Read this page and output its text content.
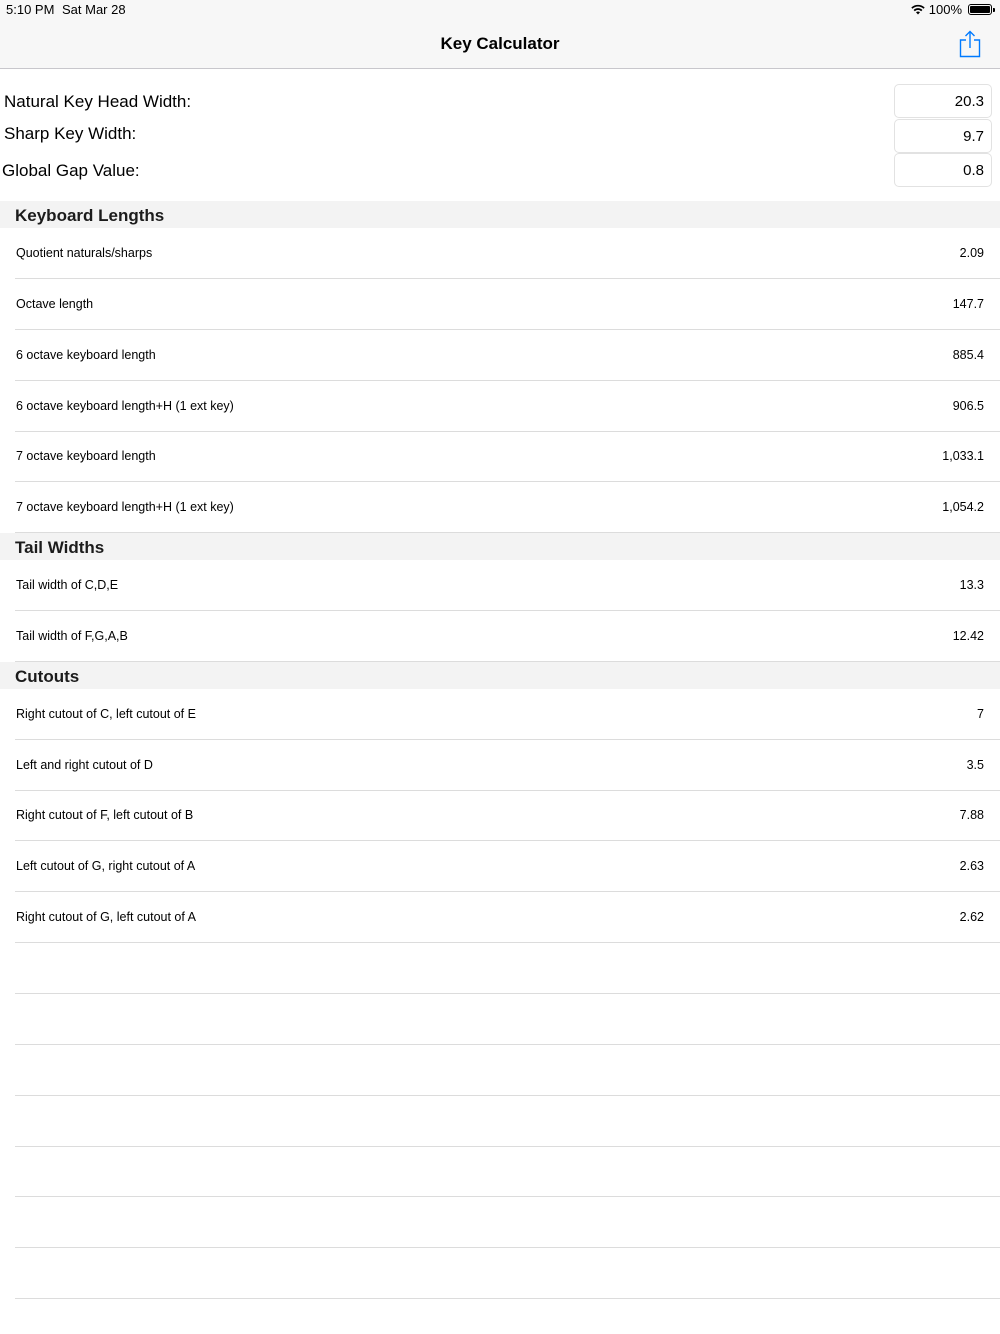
5:10 PM Sat Mar 28	100%
Key Calculator
Natural Key Head Width:
20.3
Sharp Key Width:
9.7
Global Gap Value:
0.8
Keyboard Lengths
Quotient naturals/sharps	2.09
Octave length	147.7
6 octave keyboard length	885.4
6 octave keyboard length+H (1 ext key)	906.5
7 octave keyboard length	1,033.1
7 octave keyboard length+H (1 ext key)	1,054.2
Tail Widths
Tail width of C,D,E	13.3
Tail width of F,G,A,B	12.42
Cutouts
Right cutout of C, left cutout of E	7
Left and right cutout of D	3.5
Right cutout of F, left cutout of B	7.88
Left cutout of G, right cutout of A	2.63
Right cutout of G, left cutout of A	2.62
